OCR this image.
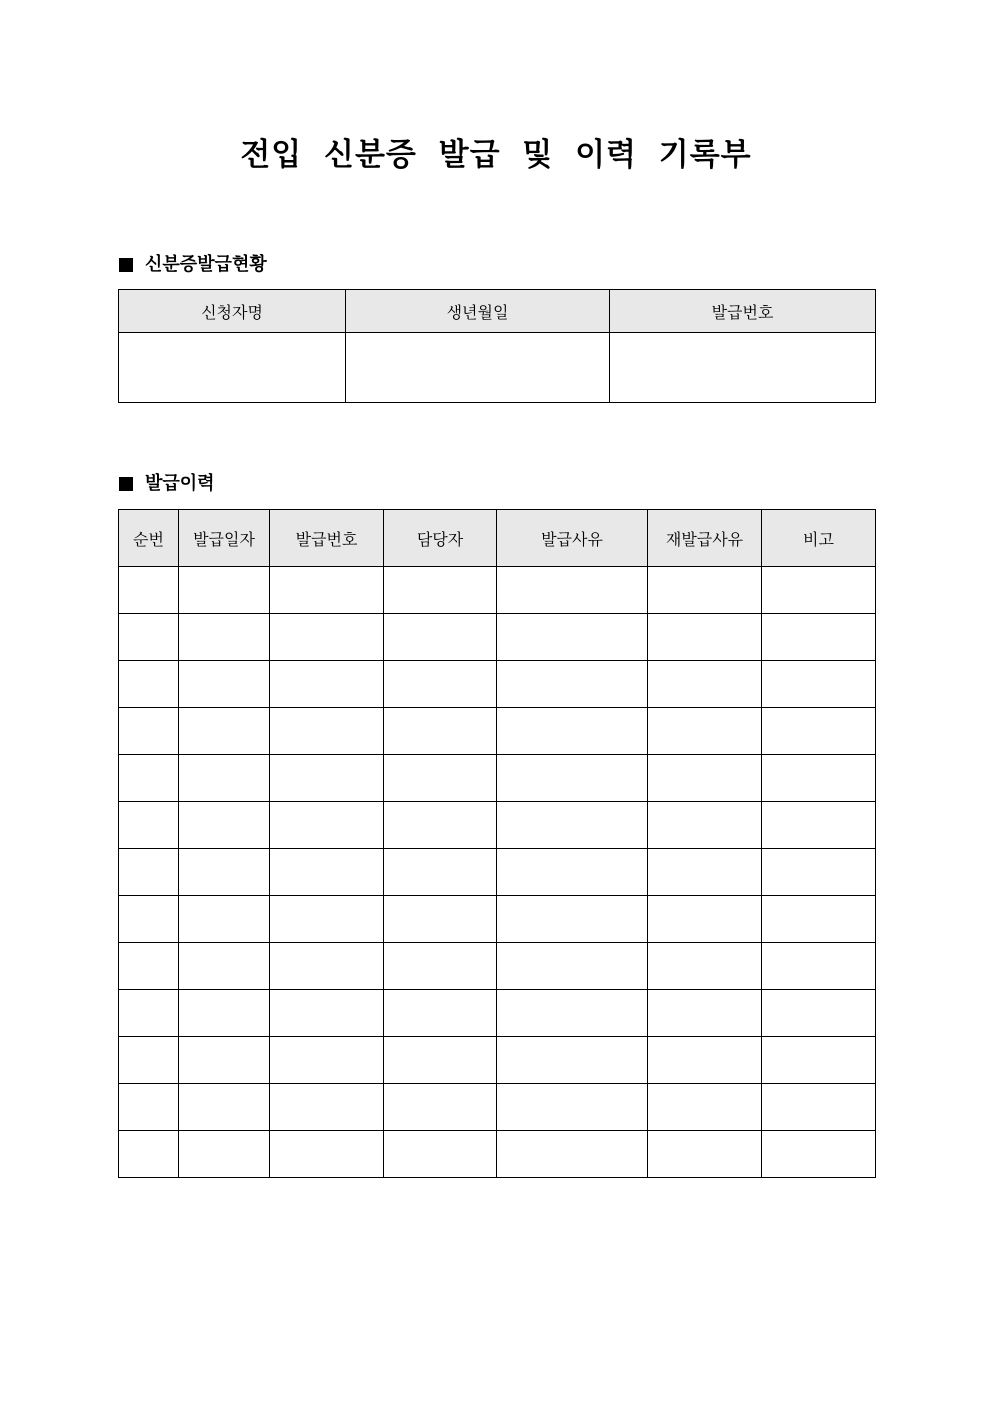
전입 신분증 발급 및 이력 기록부
신분증발급현황
신청자명	생년월일	발급번호

발급이력
순번	발급일자	발급번호	담당자	발급사유	재발급사유	비고
